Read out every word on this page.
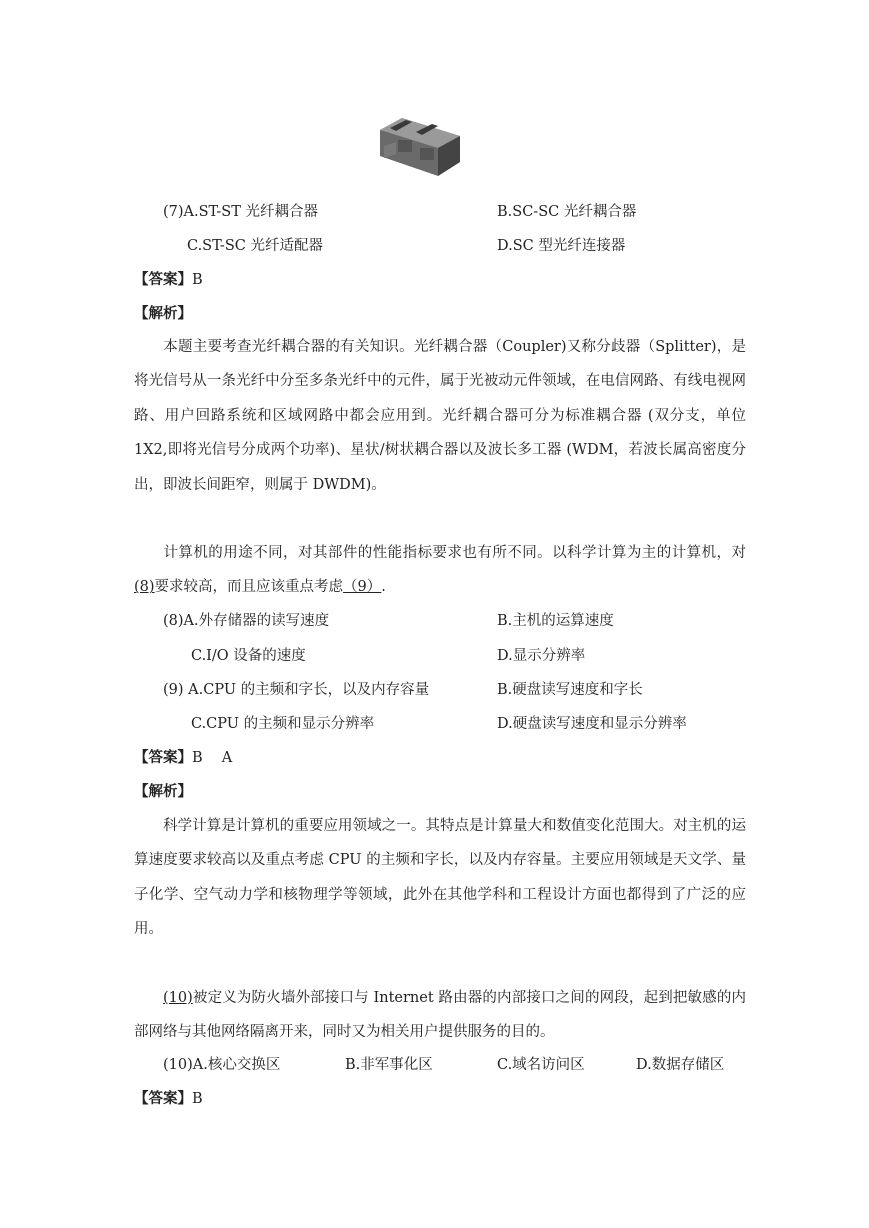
(7)A.ST-ST 光纤耦合器	B.SC-SC 光纤耦合器
C.ST-SC 光纤适配器	D.SC 型光纤连接器
【答案】B
【解析】
本题主要考查光纤耦合器的有关知识。光纤耦合器（Coupler)又称分歧器（Splitter)，是将光信号从一条光纤中分至多条光纤中的元件，属于光被动元件领域，在电信网路、有线电视网路、用户回路系统和区域网路中都会应用到。光纤耦合器可分为标准耦合器 (双分支，单位 1X2,即将光信号分成两个功率)、星状/树状耦合器以及波长多工器 (WDM，若波长属高密度分出，即波长间距窄，则属于 DWDM)。
计算机的用途不同，对其部件的性能指标要求也有所不同。以科学计算为主的计算机，对(8)要求较高，而且应该重点考虑（9）.
(8)A.外存储器的读写速度	B.主机的运算速度
C.I/O 设备的速度	D.显示分辨率
(9) A.CPU 的主频和字长，以及内存容量	B.硬盘读写速度和字长
C.CPU 的主频和显示分辨率	D.硬盘读写速度和显示分辨率
【答案】B　 A
【解析】
科学计算是计算机的重要应用领域之一。其特点是计算量大和数值变化范围大。对主机的运算速度要求较高以及重点考虑 CPU 的主频和字长，以及内存容量。主要应用领域是天文学、量子化学、空气动力学和核物理学等领域，此外在其他学科和工程设计方面也都得到了广泛的应用。
(10)被定义为防火墙外部接口与 Internet 路由器的内部接口之间的网段，起到把敏感的内部网络与其他网络隔离开来，同时又为相关用户提供服务的目的。
(10)A.核心交换区	B.非军事化区	C.域名访问区	D.数据存储区
【答案】B
